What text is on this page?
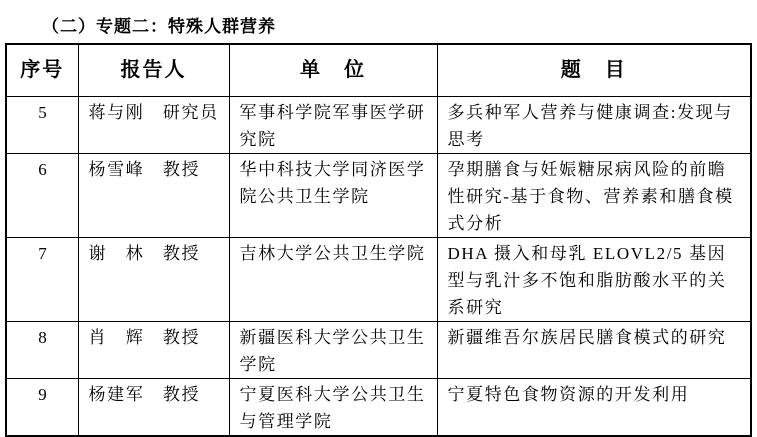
（二）专题二：特殊人群营养
序号	报告人	单　位	题　目
5	蒋与刚　研究员	军事科学院军事医学研究院	多兵种军人营养与健康调查:发现与思考
6	杨雪峰　教授	华中科技大学同济医学院公共卫生学院	孕期膳食与妊娠糖尿病风险的前瞻性研究-基于食物、营养素和膳食模式分析
7	谢　林　教授	吉林大学公共卫生学院	DHA 摄入和母乳 ELOVL2/5 基因型与乳汁多不饱和脂肪酸水平的关系研究
8	肖　辉　教授	新疆医科大学公共卫生学院	新疆维吾尔族居民膳食模式的研究
9	杨建军　教授	宁夏医科大学公共卫生与管理学院	宁夏特色食物资源的开发利用
